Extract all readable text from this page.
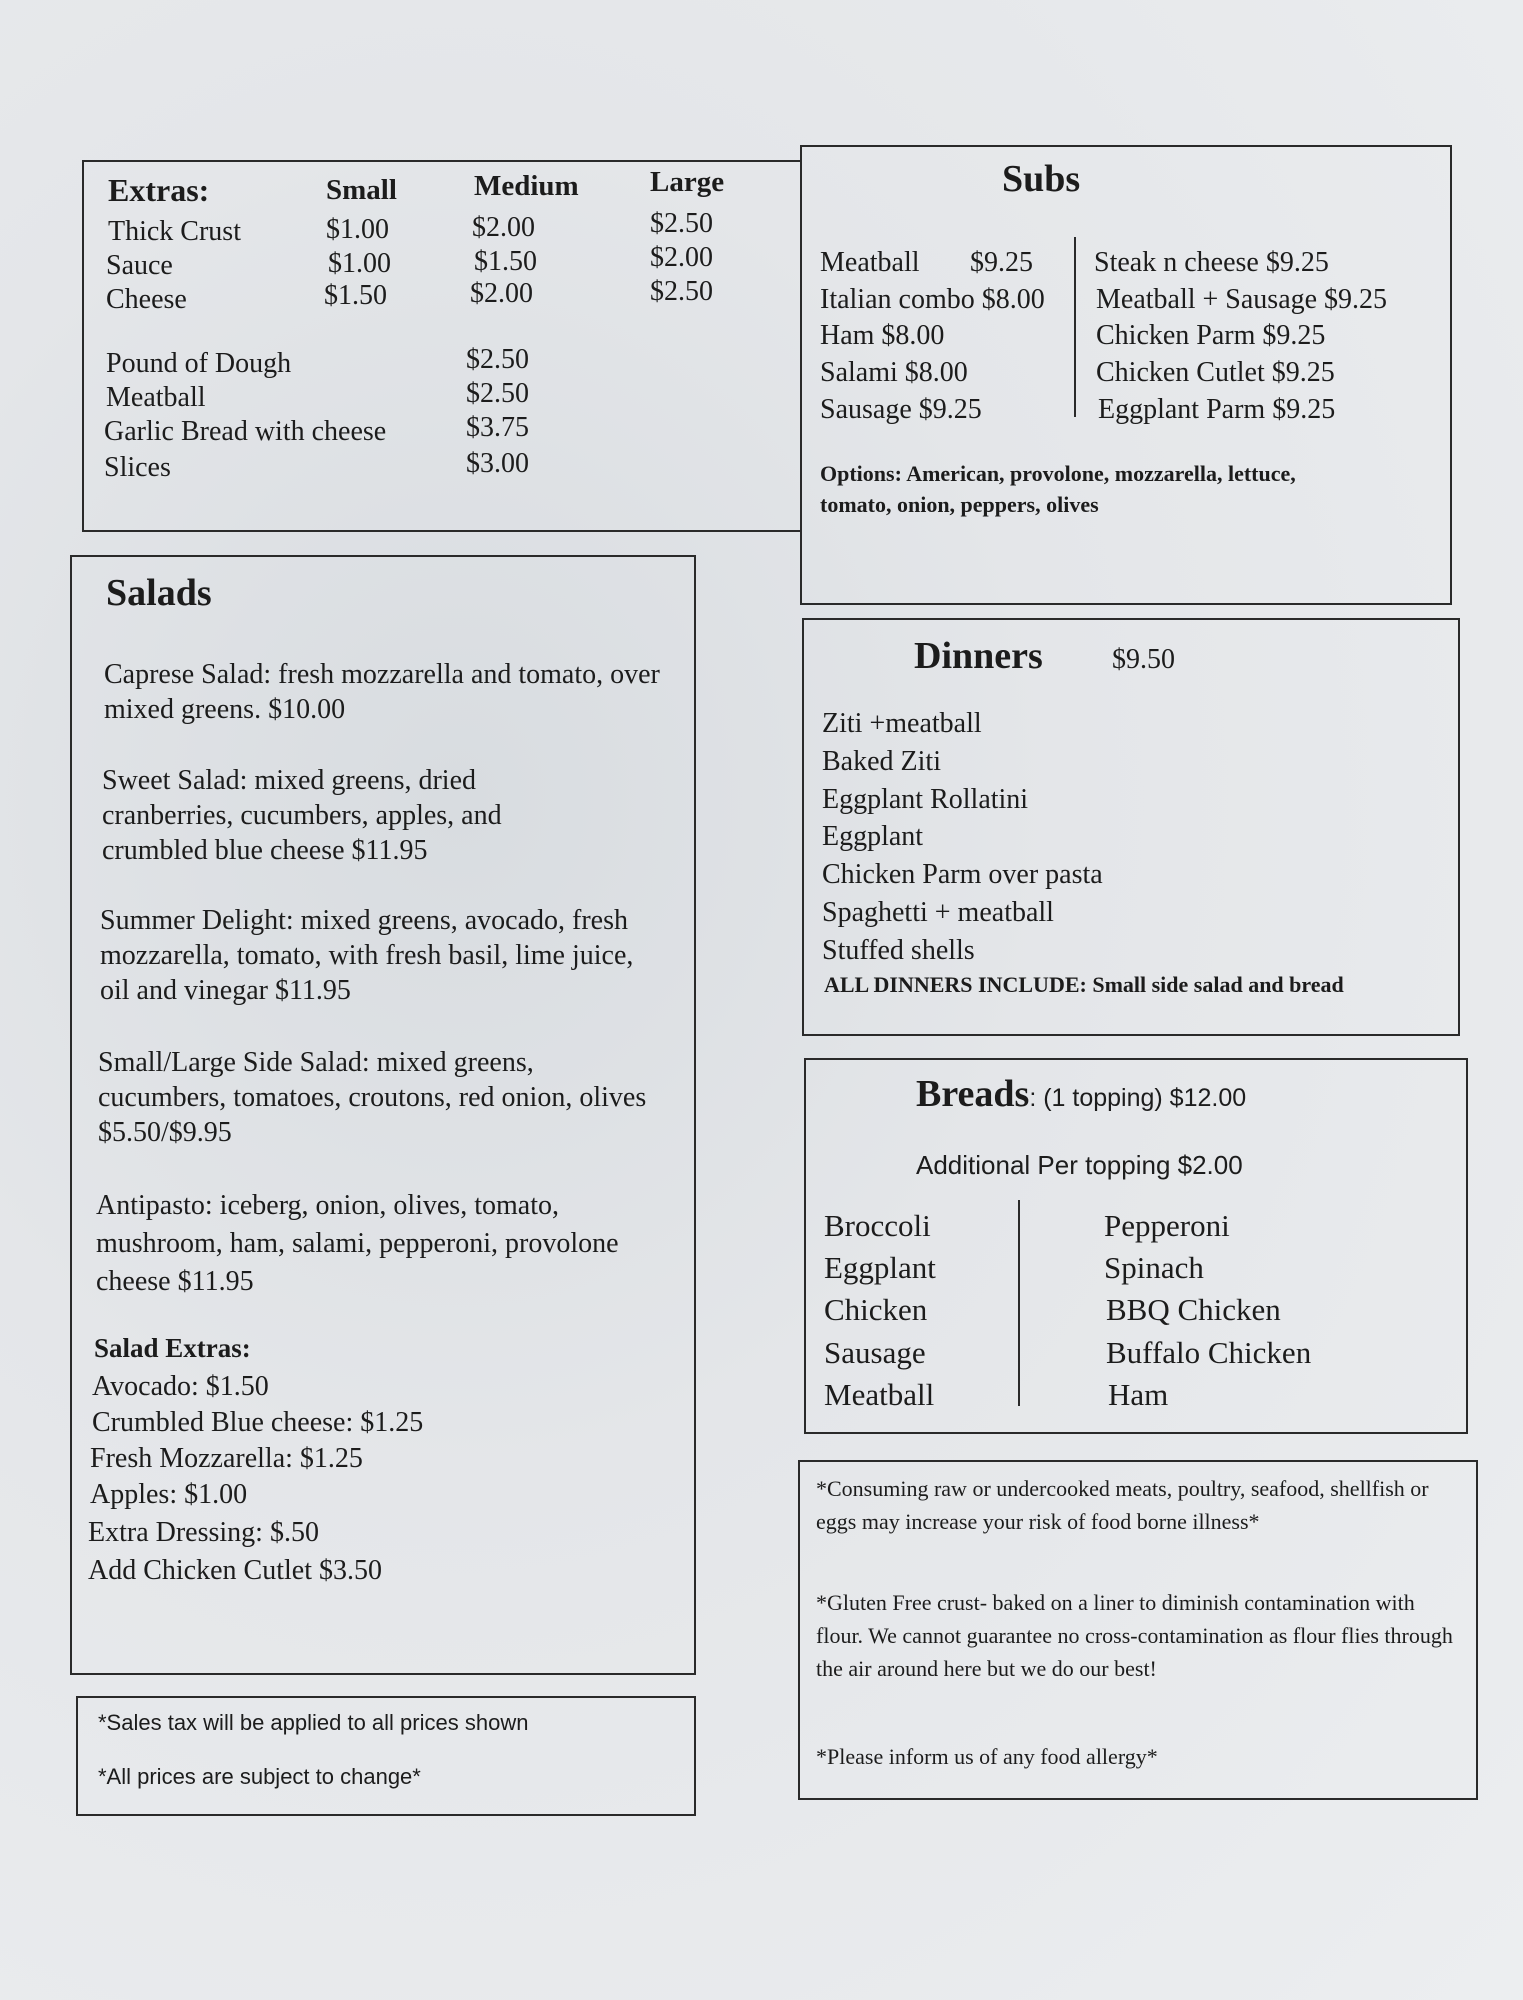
Extras:	Small	Medium Large
Thick Crust	$1.00	$2.00	$2.50
Sauce	$1.00	$1.50	$2.00
Cheese	$1.50	$2.00	$2.50
Pound of Dough	$2.50
Meatball	$2.50
Garlic Bread with cheese	$3.75
Slices	$3.00
Subs
Meatball $9.25
Italian combo $8.00
Ham $8.00
Salami $8.00
Sausage $9.25
Steak n cheese $9.25
Meatball + Sausage $9.25
Chicken Parm $9.25
Chicken Cutlet $9.25
Eggplant Parm $9.25
Options: American, provolone, mozzarella, lettuce,
tomato, onion, peppers, olives
Salads
Caprese Salad: fresh mozzarella and tomato, over mixed greens. $10.00
Sweet Salad: mixed greens, dried cranberries, cucumbers, apples, and crumbled blue cheese $11.95
Summer Delight: mixed greens, avocado, fresh mozzarella, tomato, with fresh basil, lime juice, oil and vinegar $11.95
Small/Large Side Salad: mixed greens, cucumbers, tomatoes, croutons, red onion, olives $5.50/$9.95
Antipasto: iceberg, onion, olives, tomato, mushroom, ham, salami, pepperoni, provolone cheese $11.95
Salad Extras:
Avocado: $1.50
Crumbled Blue cheese: $1.25
Fresh Mozzarella: $1.25
Apples: $1.00
Extra Dressing: $.50
Add Chicken Cutlet $3.50
*Sales tax will be applied to all prices shown
*All prices are subject to change*
Dinners $9.50
Ziti +meatball
Baked Ziti
Eggplant Rollatini
Eggplant
Chicken Parm over pasta
Spaghetti + meatball
Stuffed shells
ALL DINNERS INCLUDE: Small side salad and bread
Breads: (1 topping) $12.00
Additional Per topping $2.00
Broccoli
Eggplant
Chicken
Sausage
Meatball
Pepperoni
Spinach
BBQ Chicken
Buffalo Chicken
Ham
*Consuming raw or undercooked meats, poultry, seafood, shellfish or eggs may increase your risk of food borne illness*
*Gluten Free crust- baked on a liner to diminish contamination with flour. We cannot guarantee no cross-contamination as flour flies through the air around here but we do our best!
*Please inform us of any food allergy*
